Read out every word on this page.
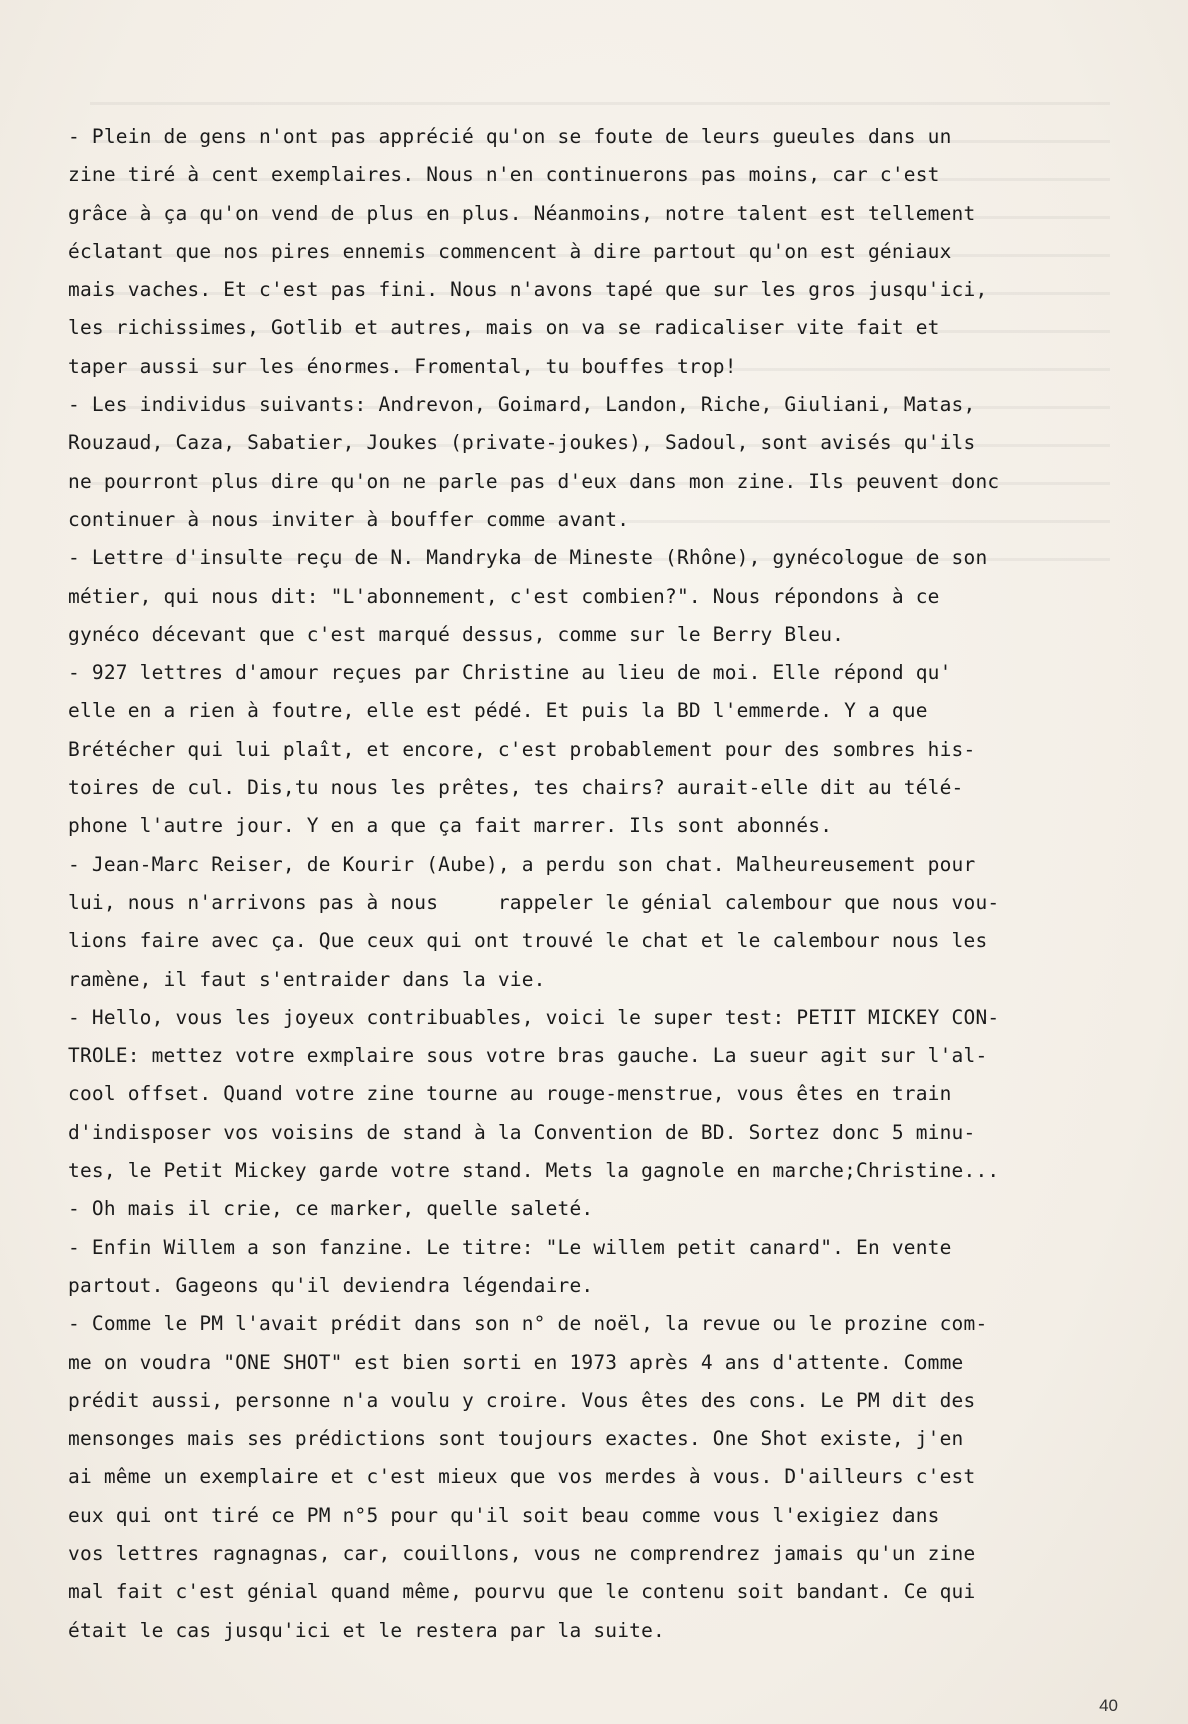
- Plein de gens n'ont pas apprécié qu'on se foute de leurs gueules dans un
zine tiré à cent exemplaires. Nous n'en continuerons pas moins, car c'est
grâce à ça qu'on vend de plus en plus. Néanmoins, notre talent est tellement
éclatant que nos pires ennemis commencent à dire partout qu'on est géniaux
mais vaches. Et c'est pas fini. Nous n'avons tapé que sur les gros jusqu'ici,
les richissimes, Gotlib et autres, mais on va se radicaliser vite fait et
taper aussi sur les énormes. Fromental, tu bouffes trop!
- Les individus suivants: Andrevon, Goimard, Landon, Riche, Giuliani, Matas,
Rouzaud, Caza, Sabatier, Joukes (private-joukes), Sadoul, sont avisés qu'ils
ne pourront plus dire qu'on ne parle pas d'eux dans mon zine. Ils peuvent donc
continuer à nous inviter à bouffer comme avant.
- Lettre d'insulte reçu de N. Mandryka de Mineste (Rhône), gynécologue de son
métier, qui nous dit: "L'abonnement, c'est combien?". Nous répondons à ce
gynéco décevant que c'est marqué dessus, comme sur le Berry Bleu.
- 927 lettres d'amour reçues par Christine au lieu de moi. Elle répond qu'
elle en a rien à foutre, elle est pédé. Et puis la BD l'emmerde. Y a que
Brétécher qui lui plaît, et encore, c'est probablement pour des sombres his-
toires de cul. Dis,tu nous les prêtes, tes chairs? aurait-elle dit au télé-
phone l'autre jour. Y en a que ça fait marrer. Ils sont abonnés.
- Jean-Marc Reiser, de Kourir (Aube), a perdu son chat. Malheureusement pour
lui, nous n'arrivons pas à nous     rappeler le génial calembour que nous vou-
lions faire avec ça. Que ceux qui ont trouvé le chat et le calembour nous les
ramène, il faut s'entraider dans la vie.
- Hello, vous les joyeux contribuables, voici le super test: PETIT MICKEY CON-
TROLE: mettez votre exmplaire sous votre bras gauche. La sueur agit sur l'al-
cool offset. Quand votre zine tourne au rouge-menstrue, vous êtes en train
d'indisposer vos voisins de stand à la Convention de BD. Sortez donc 5 minu-
tes, le Petit Mickey garde votre stand. Mets la gagnole en marche;Christine...
- Oh mais il crie, ce marker, quelle saleté.
- Enfin Willem a son fanzine. Le titre: "Le willem petit canard". En vente
partout. Gageons qu'il deviendra légendaire.
- Comme le PM l'avait prédit dans son n° de noël, la revue ou le prozine com-
me on voudra "ONE SHOT" est bien sorti en 1973 après 4 ans d'attente. Comme
prédit aussi, personne n'a voulu y croire. Vous êtes des cons. Le PM dit des
mensonges mais ses prédictions sont toujours exactes. One Shot existe, j'en
ai même un exemplaire et c'est mieux que vos merdes à vous. D'ailleurs c'est
eux qui ont tiré ce PM n°5 pour qu'il soit beau comme vous l'exigiez dans
vos lettres ragnagnas, car, couillons, vous ne comprendrez jamais qu'un zine
mal fait c'est génial quand même, pourvu que le contenu soit bandant. Ce qui
était le cas jusqu'ici et le restera par la suite.
40
